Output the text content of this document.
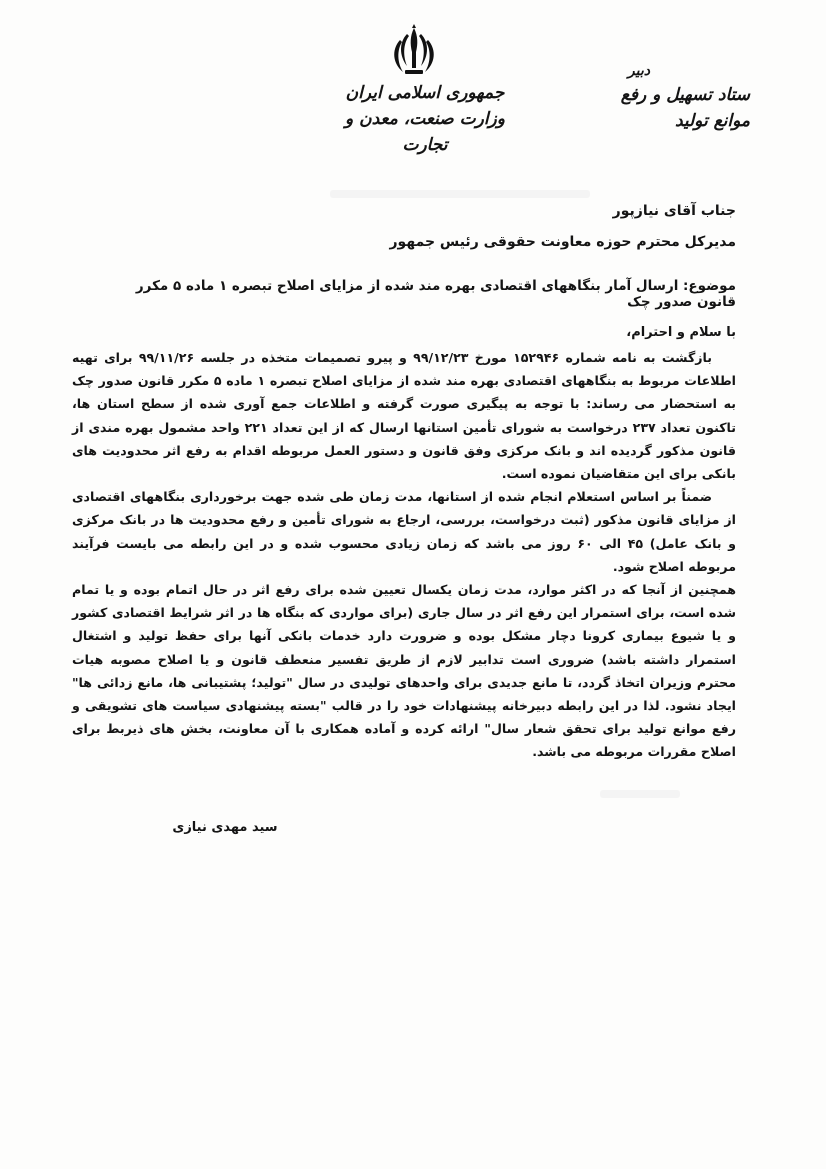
جمهوری اسلامی ایران
وزارت صنعت، معدن و تجارت
دبیر
ستاد تسهیل و رفع موانع تولید
جناب آقای نیازپور
مدیرکل محترم حوزه معاونت حقوقی رئیس جمهور
موضوع: ارسال آمار بنگاههای اقتصادی بهره مند شده از مزایای اصلاح تبصره ۱ ماده ۵ مکرر قانون صدور چک
با سلام و احترام،

بازگشت به نامه شماره ۱۵۲۹۴۶ مورخ ۹۹/۱۲/۲۳ و پیرو تصمیمات متخذه در جلسه ۹۹/۱۱/۲۶ برای تهیه اطلاعات مربوط به بنگاههای اقتصادی بهره مند شده از مزایای اصلاح تبصره ۱ ماده ۵ مکرر قانون صدور چک به استحضار می رساند: با توجه به پیگیری صورت گرفته و اطلاعات جمع آوری شده از سطح استان ها، تاکنون تعداد ۲۳۷ درخواست به شورای تأمین استانها ارسال که از این تعداد ۲۲۱ واحد مشمول بهره مندی از قانون مذکور گردیده اند و بانک مرکزی وفق قانون و دستور العمل مربوطه اقدام به رفع اثر محدودیت های بانکی برای این متقاضیان نموده است.

ضمناً بر اساس استعلام انجام شده از استانها، مدت زمان طی شده جهت برخورداری بنگاههای اقتصادی از مزایای قانون مذکور (ثبت درخواست، بررسی، ارجاع به شورای تأمین و رفع محدودیت ها در بانک مرکزی و بانک عامل) ۴۵ الی ۶۰ روز می باشد که زمان زیادی محسوب شده و در این رابطه می بایست فرآیند مربوطه اصلاح شود.

همچنین از آنجا که در اکثر موارد، مدت زمان یکسال تعیین شده برای رفع اثر در حال اتمام بوده و یا تمام شده است، برای استمرار این رفع اثر در سال جاری (برای مواردی که بنگاه ها در اثر شرایط اقتصادی کشور و یا شیوع بیماری کرونا دچار مشکل بوده و ضرورت دارد خدمات بانکی آنها برای حفظ تولید و اشتغال استمرار داشته باشد) ضروری است تدابیر لازم از طریق تفسیر منعطف قانون و یا اصلاح مصوبه هیات محترم وزیران اتخاذ گردد، تا مانع جدیدی برای واحدهای تولیدی در سال "تولید؛ پشتیبانی ها، مانع زدائی ها" ایجاد نشود. لذا در این رابطه دبیرخانه پیشنهادات خود را در قالب "بسته پیشنهادی سیاست های تشویقی و رفع موانع تولید برای تحقق شعار سال" ارائه کرده و آماده همکاری با آن معاونت، بخش های ذیربط برای اصلاح مقررات مربوطه می باشد.

سید مهدی نیازی
